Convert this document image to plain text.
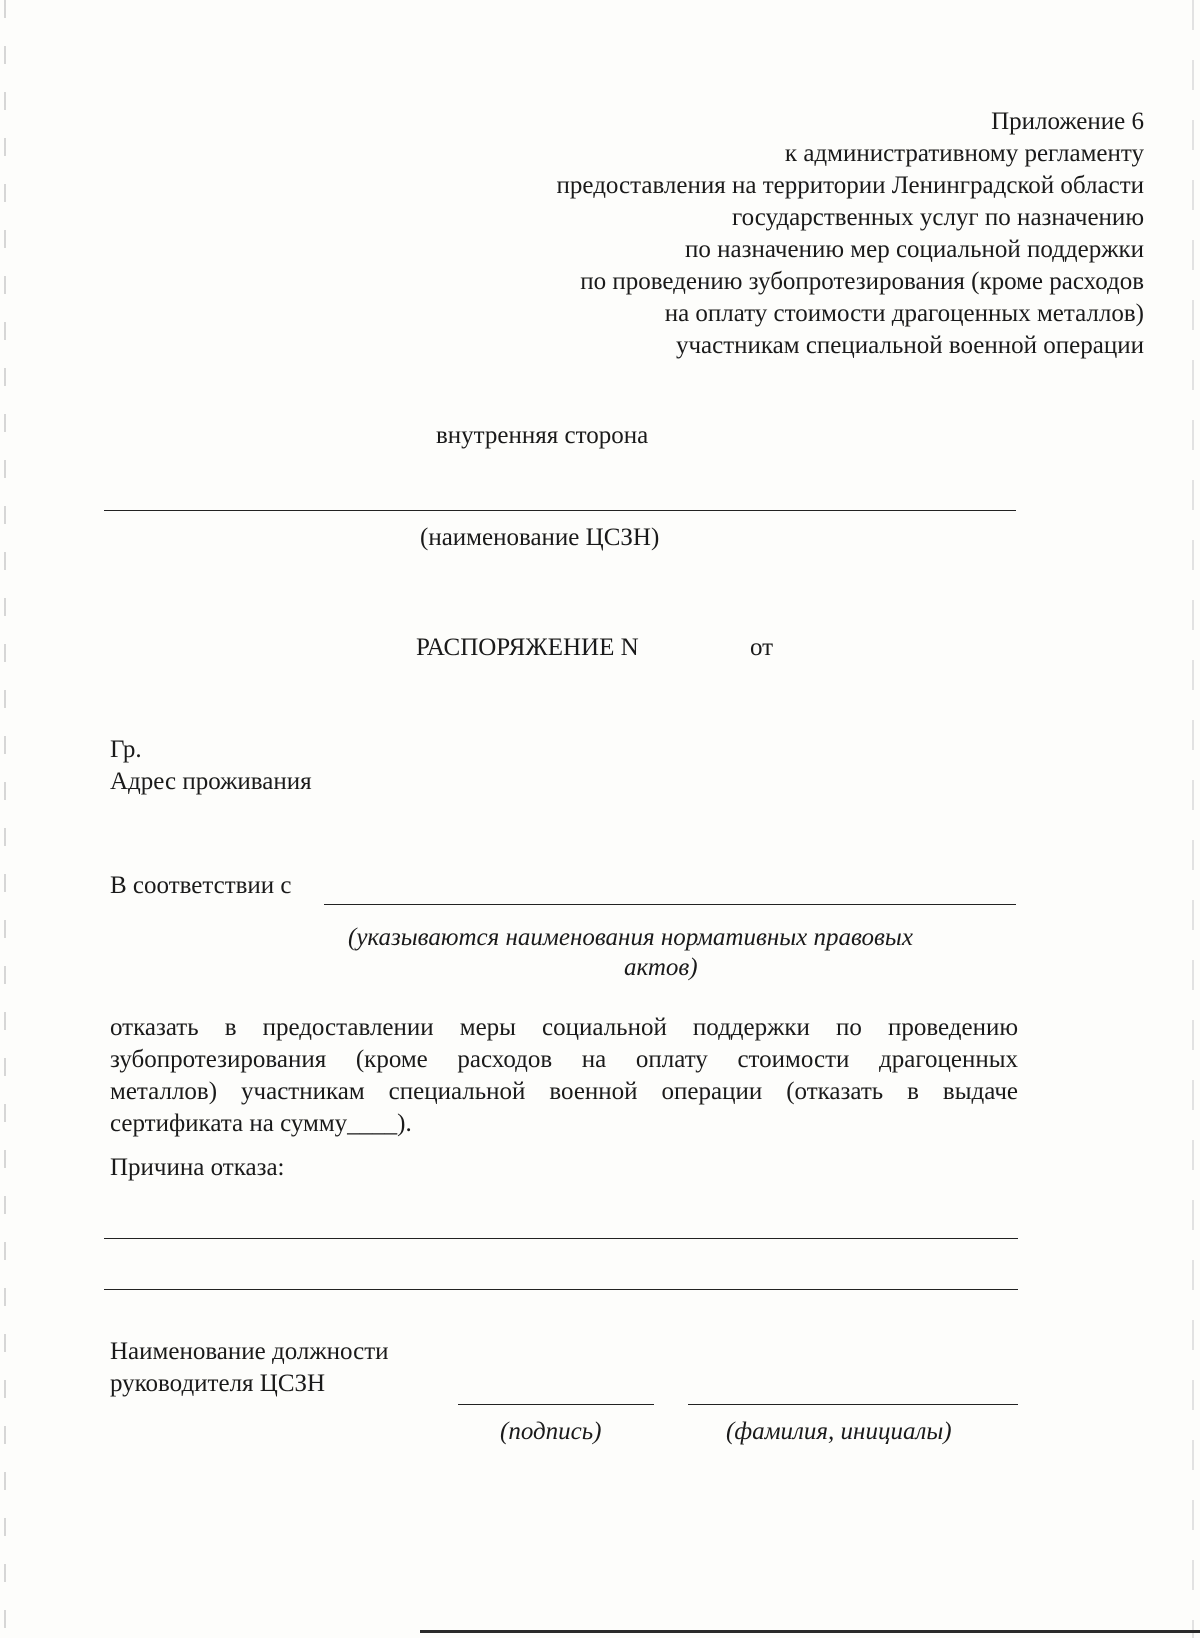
Приложение 6
к административному регламенту
предоставления на территории Ленинградской области
государственных услуг по назначению
по назначению мер социальной поддержки
по проведению зубопротезирования (кроме расходов
на оплату стоимости драгоценных металлов)
участникам специальной военной операции
внутренняя сторона
(наименование ЦСЗН)
РАСПОРЯЖЕНИЕ N	от
Гр.
Адрес проживания
В соответствии с
(указываются наименования нормативных правовых
актов)
отказать в предоставлении меры социальной поддержки по проведению
зубопротезирования (кроме расходов на оплату стоимости драгоценных
металлов) участникам специальной военной операции (отказать в выдаче
сертификата на сумму____).
Причина отказа:
Наименование должности
руководителя ЦСЗН
(подпись)	(фамилия, инициалы)
